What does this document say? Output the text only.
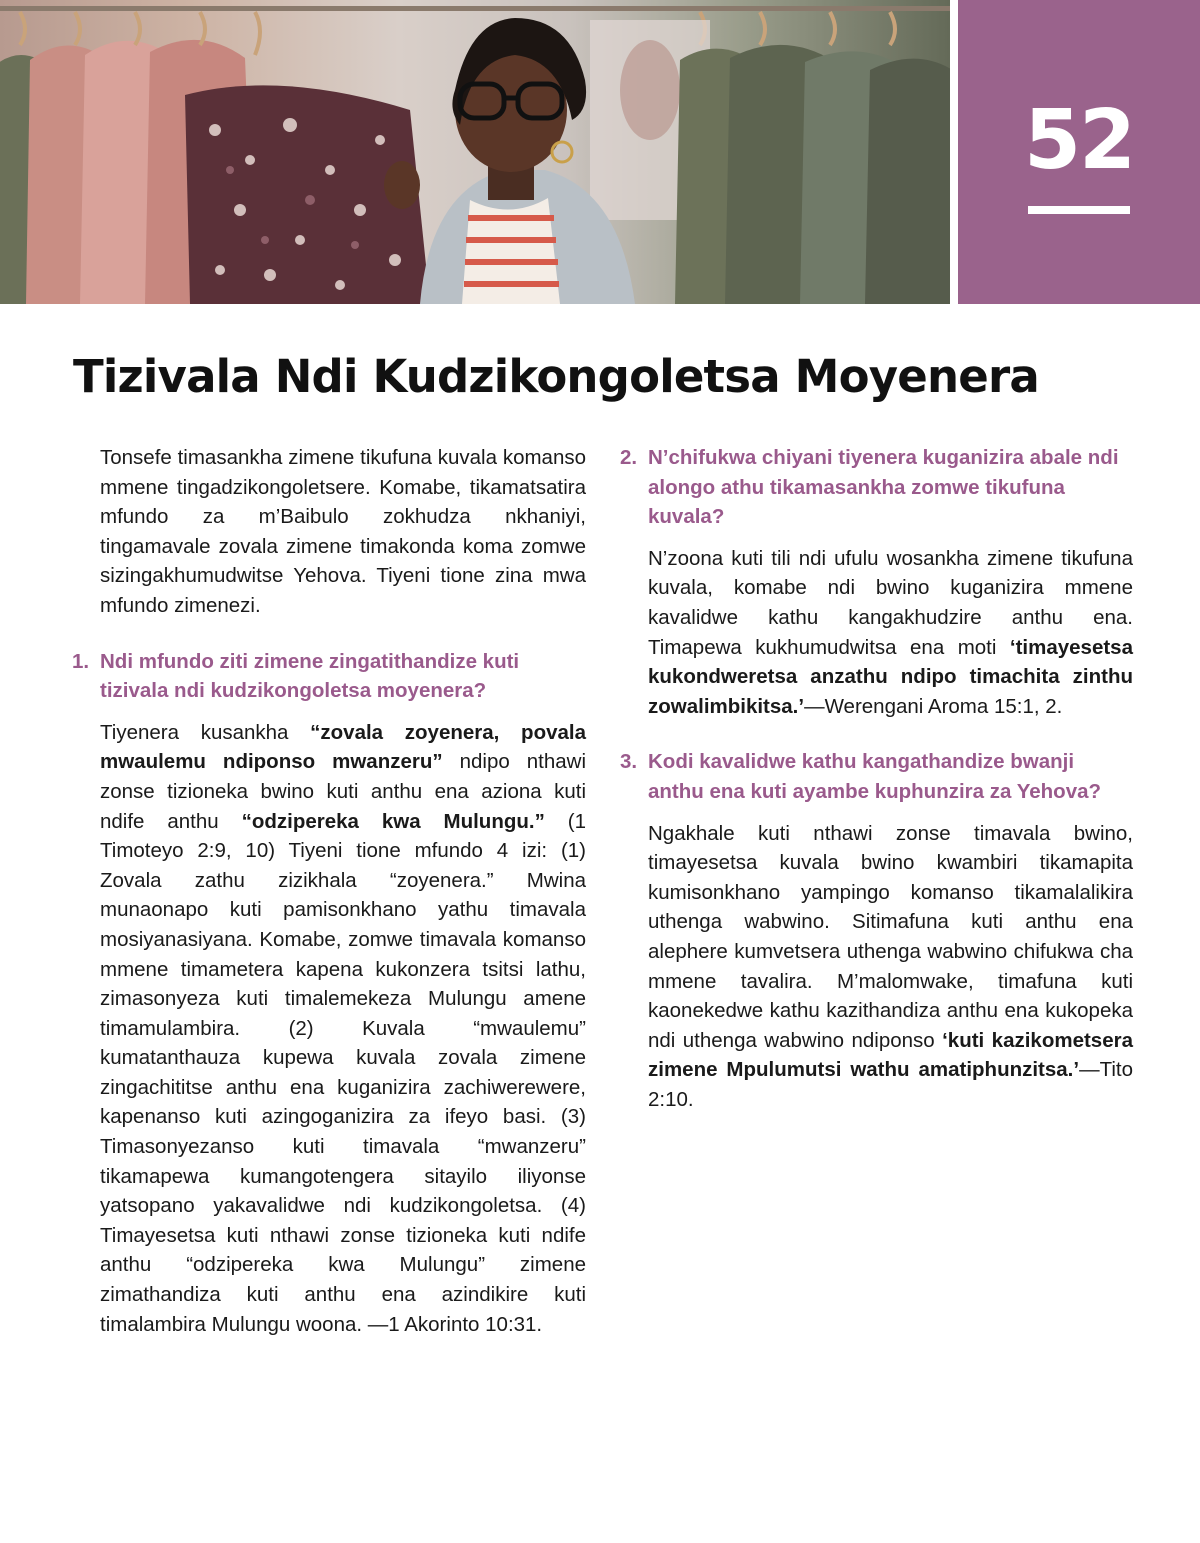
52
Tizivala Ndi Kudzikongoletsa Moyenera

Tonsefe timasankha zimene tikufuna kuvala komanso mmene tingadzikongoletsere. Komabe, tikamatsatira mfundo za m’Baibulo zokhudza nkhaniyi, tingamavale zovala zimene timakonda koma zomwe sizingakhumudwitse Yehova. Tiyeni tione zina mwa mfundo zimenezi.

1. Ndi mfundo ziti zimene zingatithandize kuti tizivala ndi kudzikongoletsa moyenera?

Tiyenera kusankha “zovala zoyenera, povala mwaulemu ndiponso mwanzeru” ndipo nthawi zonse tizioneka bwino kuti anthu ena aziona kuti ndife anthu “odzipereka kwa Mulungu.” (1 Timoteyo 2:9, 10) Tiyeni tione mfundo 4 izi: (1) Zovala zathu zizikhala “zoyenera.” Mwina munaonapo kuti pamisonkhano yathu timavala mosiyanasiyana. Komabe, zomwe timavala komanso mmene timametera kapena kukonzera tsitsi lathu, zimasonyeza kuti timalemekeza Mulungu amene timamulambira. (2) Kuvala “mwaulemu” kumatanthauza kupewa kuvala zovala zimene zingachititse anthu ena kuganizira zachiwerewere, kapenanso kuti azingoganizira za ifeyo basi. (3) Timasonyezanso kuti timavala “mwanzeru” tikamapewa kumangotengera sitayilo iliyonse yatsopano yakavalidwe ndi kudzikongoletsa. (4) Timayesetsa kuti nthawi zonse tizioneka kuti ndife anthu “odzipereka kwa Mulungu” zimene zimathandiza kuti anthu ena azindikire kuti timalambira Mulungu woona. —1 Akorinto 10:31.

2. N’chifukwa chiyani tiyenera kuganizira abale ndi alongo athu tikamasankha zomwe tikufuna kuvala?

N’zoona kuti tili ndi ufulu wosankha zimene tikufuna kuvala, komabe ndi bwino kuganizira mmene kavalidwe kathu kangakhudzire anthu ena. Timapewa kukhumudwitsa ena moti ‘timayesetsa kukondweretsa anzathu ndipo timachita zinthu zowalimbikitsa.’—Werengani Aroma 15:1, 2.

3. Kodi kavalidwe kathu kangathandize bwanji anthu ena kuti ayambe kuphunzira za Yehova?

Ngakhale kuti nthawi zonse timavala bwino, timayesetsa kuvala bwino kwambiri tikamapita kumisonkhano yampingo komanso tikamalalikira uthenga wabwino. Sitimafuna kuti anthu ena alephere kumvetsera uthenga wabwino chifukwa cha mmene tavalira. M’malomwake, timafuna kuti kaonekedwe kathu kazithandiza anthu ena kukopeka ndi uthenga wabwino ndiponso ‘kuti kazikometsera zimene Mpulumutsi wathu amatiphunzitsa.’—Tito 2:10.
